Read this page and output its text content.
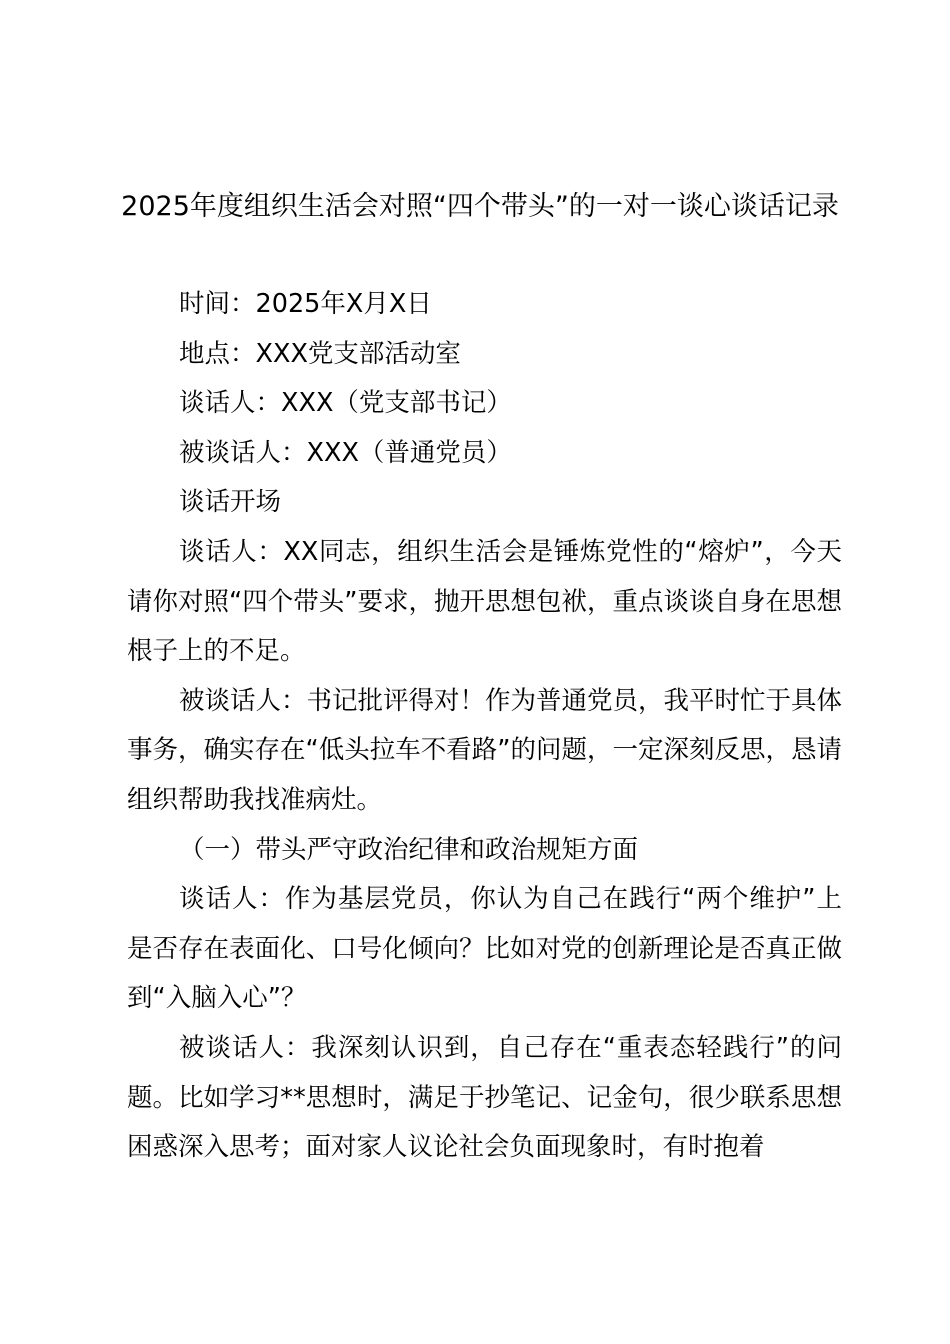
2025年度组织生活会对照“四个带头”的一对一谈心谈话记录

时间：2025年X月X日

地点：XXX党支部活动室

谈话人：XXX（党支部书记）

被谈话人：XXX（普通党员）

谈话开场

谈话人：XX同志，组织生活会是锤炼党性的“熔炉”，今天请你对照“四个带头”要求，抛开思想包袱，重点谈谈自身在思想根子上的不足。

被谈话人：书记批评得对！作为普通党员，我平时忙于具体事务，确实存在“低头拉车不看路”的问题，一定深刻反思，恳请组织帮助我找准病灶。

（一）带头严守政治纪律和政治规矩方面

谈话人：作为基层党员，你认为自己在践行“两个维护”上是否存在表面化、口号化倾向？比如对党的创新理论是否真正做到“入脑入心”？

被谈话人：我深刻认识到，自己存在“重表态轻践行”的问题。比如学习**思想时，满足于抄笔记、记金句，很少联系思想困惑深入思考；面对家人议论社会负面现象时，有时抱着
